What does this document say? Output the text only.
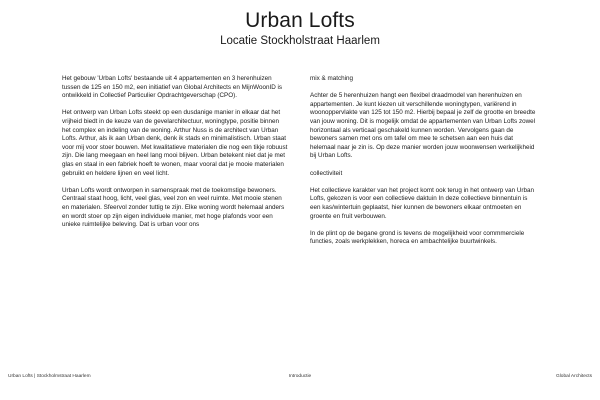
Urban Lofts
Locatie Stockholstraat Haarlem

Het gebouw 'Urban Lofts' bestaande uit 4 appartementen en 3 herenhuizen tussen de 125 en 150 m2, een initiatief van Global Architects en MijnWoonID is ontwikkeld in Collectief Particulier Opdrachtgeverschap (CPO).

Het ontwerp van Urban Lofts steekt op een dusdanige manier in elkaar dat het vrijheid biedt in de keuze van de gevelarchitectuur, woningtype, positie binnen het complex en indeling van de woning. Arthur Nuss is de architect van Urban Lofts. Arthur, als ik aan Urban denk, denk ik stads en minimalistisch. Urban staat voor mij voor stoer bouwen. Met kwalitatieve materialen die nog een tikje robuust zijn. Die lang meegaan en heel lang mooi blijven. Urban betekent niet dat je met glas en staal in een fabriek hoeft te wonen, maar vooral dat je mooie materialen gebruikt en heldere lijnen en veel licht.

Urban Lofts wordt ontworpen in samenspraak met de toekomstige bewoners. Centraal staat hoog, licht, veel glas, veel zon en veel ruimte. Met mooie stenen en materialen. Sfeervol zonder tuttig te zijn. Elke woning wordt helemaal anders en wordt stoer op zijn eigen individuele manier, met hoge plafonds voor een unieke ruimtelijke beleving. Dat is urban voor ons

mix & matching

Achter de 5 herenhuizen hangt een flexibel draadmodel van herenhuizen en appartementen. Je kunt kiezen uit verschillende woningtypen, variërend in woonoppervlakte van 125 tot 150 m2. Hierbij bepaal je zelf de grootte en breedte van jouw woning. Dit is mogelijk omdat de appartementen van Urban Lofts zowel horizontaal als verticaal geschakeld kunnen worden. Vervolgens gaan de bewoners samen met ons om tafel om mee te schetsen aan een huis dat helemaal naar je zin is. Op deze manier worden jouw woonwensen werkelijkheid bij Urban Lofts.

collectiviteit

Het collectieve karakter van het project komt ook terug in het ontwerp van Urban Lofts, gekozen is voor een collectieve daktuin In deze collectieve binnentuin is een kas/wintertuin geplaatst, hier kunnen de bewoners elkaar ontmoeten en groente en fruit verbouwen.

In de plint op de begane grond is tevens de mogelijkheid voor commmerciele functies, zoals werkplekken, horeca en ambachtelijke buurtwinkels.

Urban Lofts | Stockholmstraat Haarlem	Introductie	Global Architects
